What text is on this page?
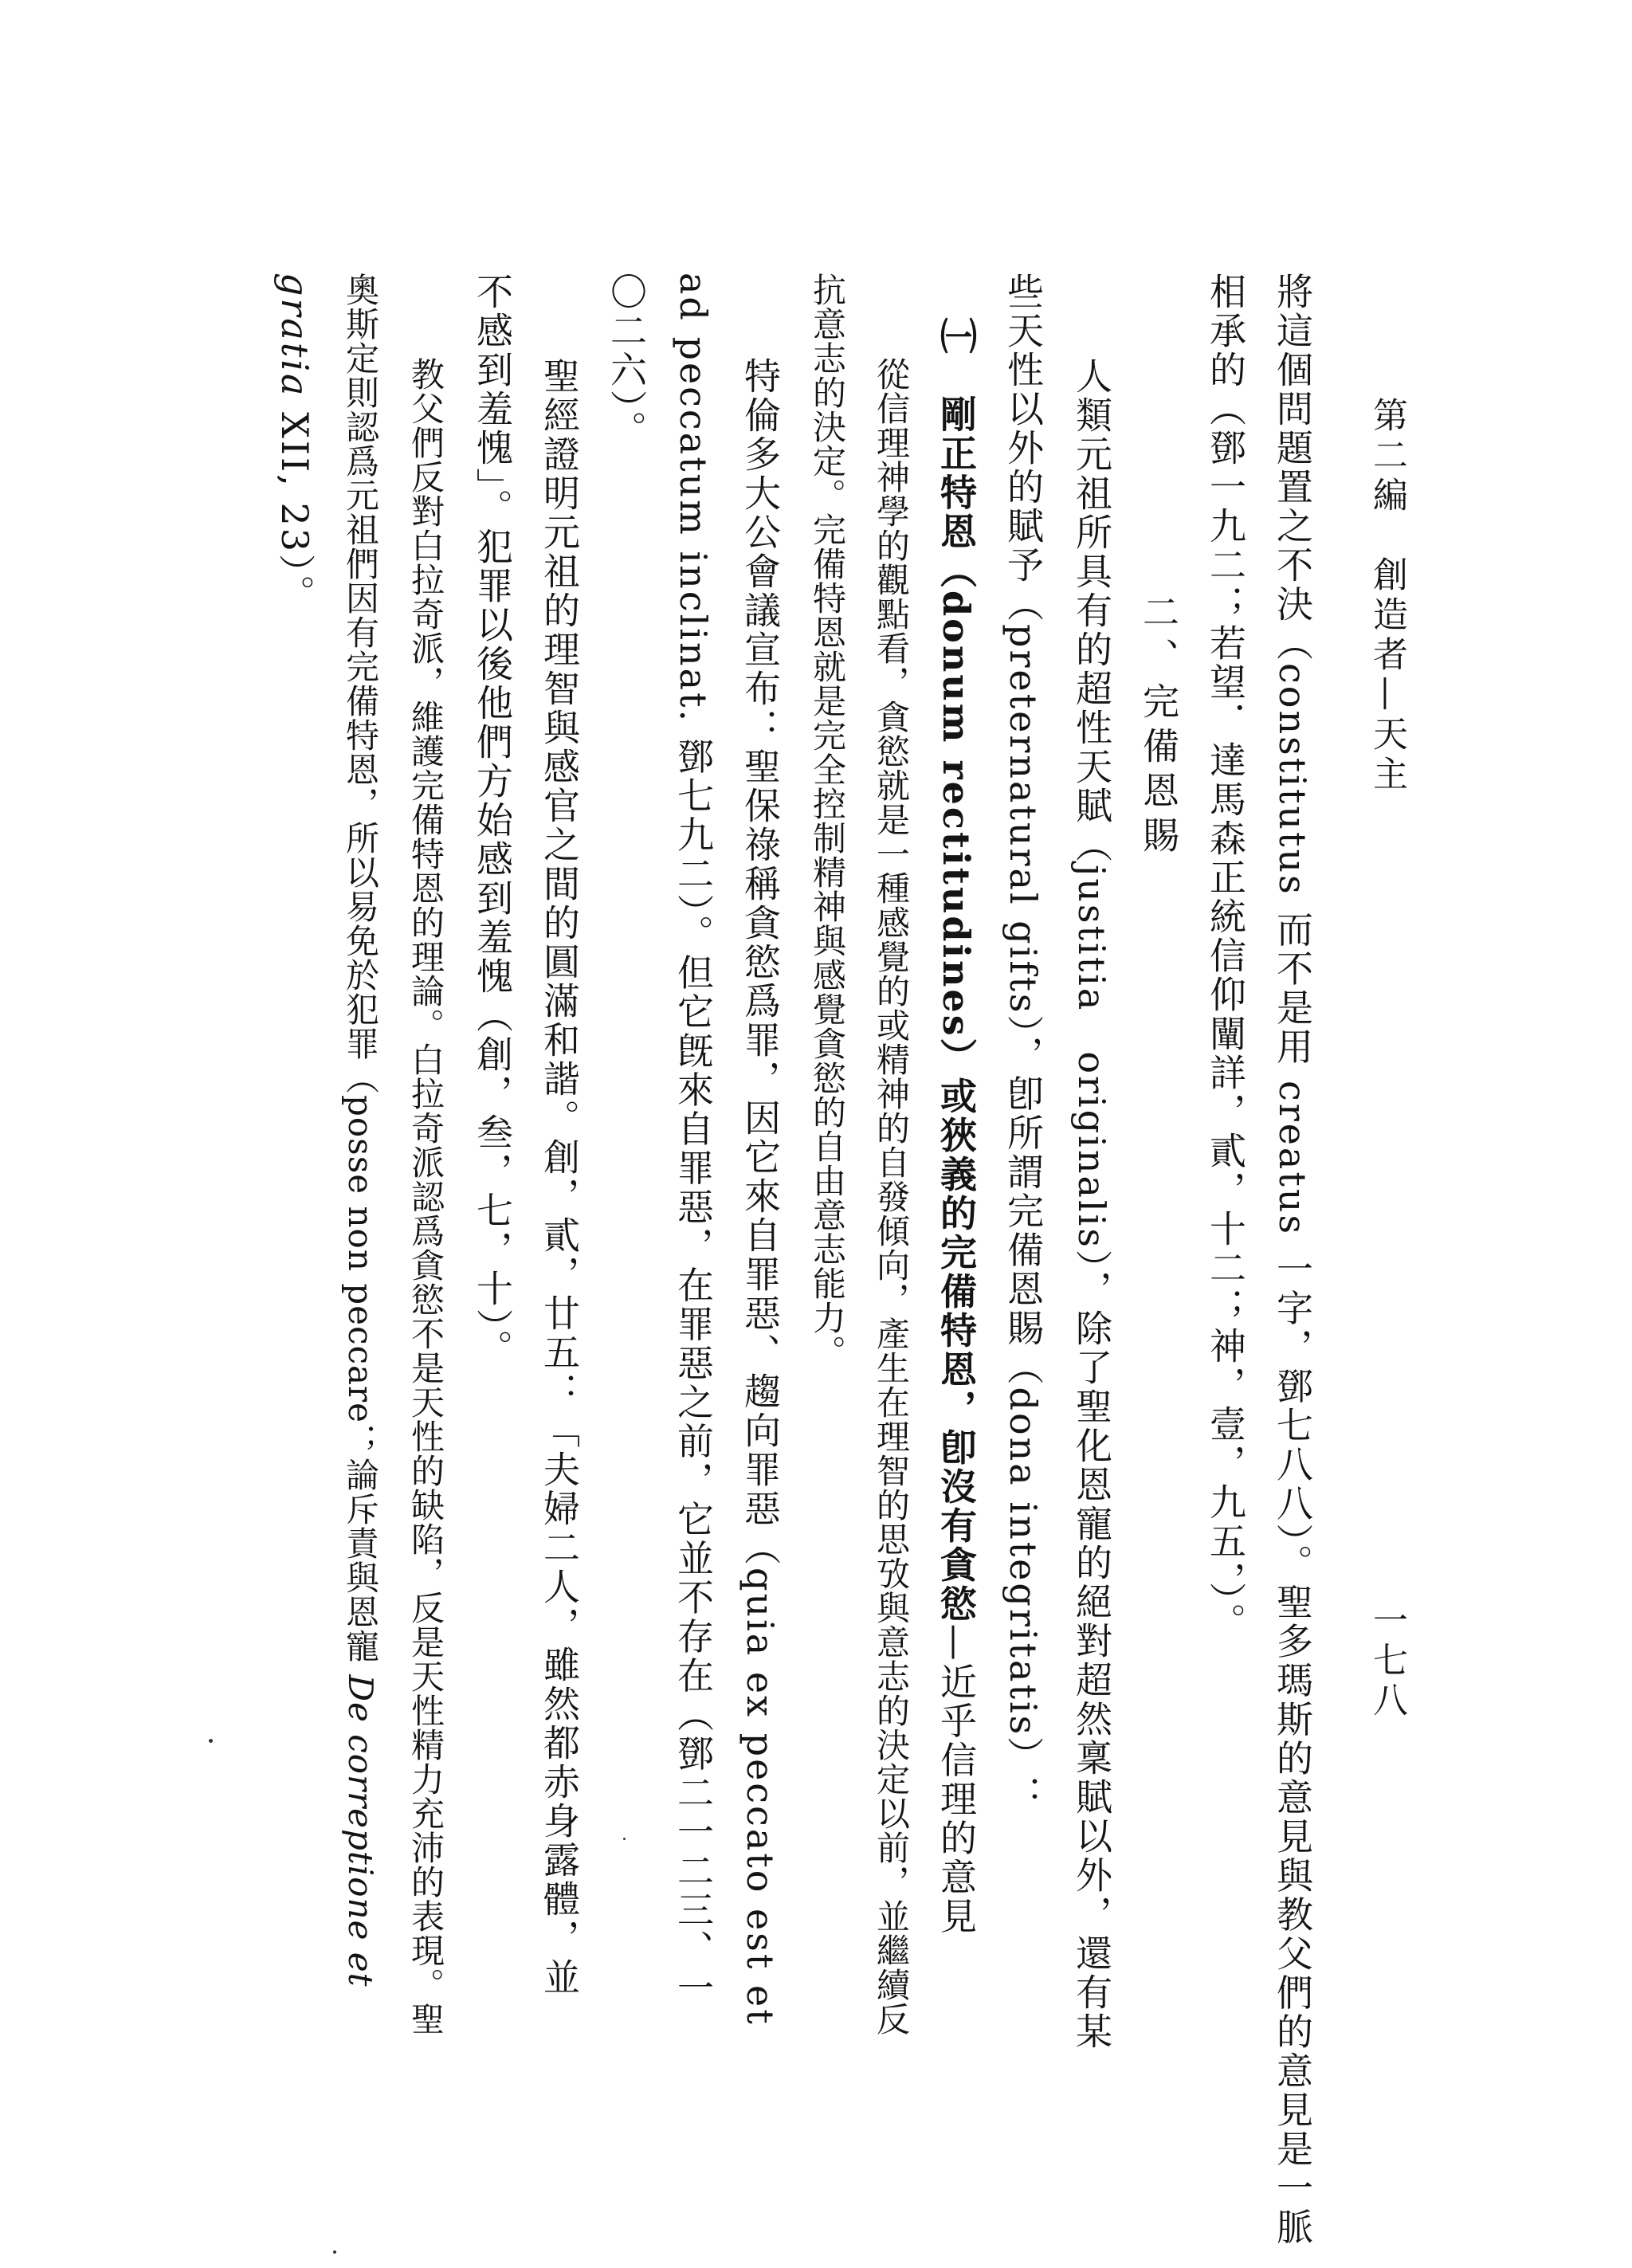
第二編　創造者—天主
一七八
將這個問題置之不決（constitutus 而不是用 creatus 一字，鄧七八八）。聖多瑪斯的意見與教父們的意見是一脈
相承的（鄧一九二；若望．達馬森正統信仰闡詳，貳，十二；神，壹，九五，）。
二、完備恩賜
人類元祖所具有的超性天賦（justitia　originalis），除了聖化恩寵的絕對超然稟賦以外，還有某
些天性以外的賦予（preternatural gifts），卽所謂完備恩賜（dona integritatis）：
㈠　剛正特恩（donum rectitudines）或狹義的完備特恩，卽沒有貪慾—近乎信理的意見
從信理神學的觀點看，貪慾就是一種感覺的或精神的自發傾向，產生在理智的思攷與意志的決定以前，並繼續反
抗意志的決定。完備特恩就是完全控制精神與感覺貪慾的自由意志能力。
特倫多大公會議宣布：聖保祿稱貪慾爲罪，因它來自罪惡、趨向罪惡（quia ex peccato est et
ad peccatum inclinat. 鄧七九二）。但它旣來自罪惡，在罪惡之前，它並不存在（鄧二一二三、一
〇二六）。
聖經證明元祖的理智與感官之間的圓滿和諧。創，貳，廿五：「夫婦二人，雖然都赤身露體，並
不感到羞愧」。犯罪以後他們方始感到羞愧（創，叁，七，十）。
教父們反對白拉奇派，維護完備特恩的理論。白拉奇派認爲貪慾不是天性的缺陷，反是天性精力充沛的表現。聖
奧斯定則認爲元祖們因有完備特恩，所以易免於犯罪（posse non peccare；論斥責與恩寵 De correptione et
gratia XII, 23）。
